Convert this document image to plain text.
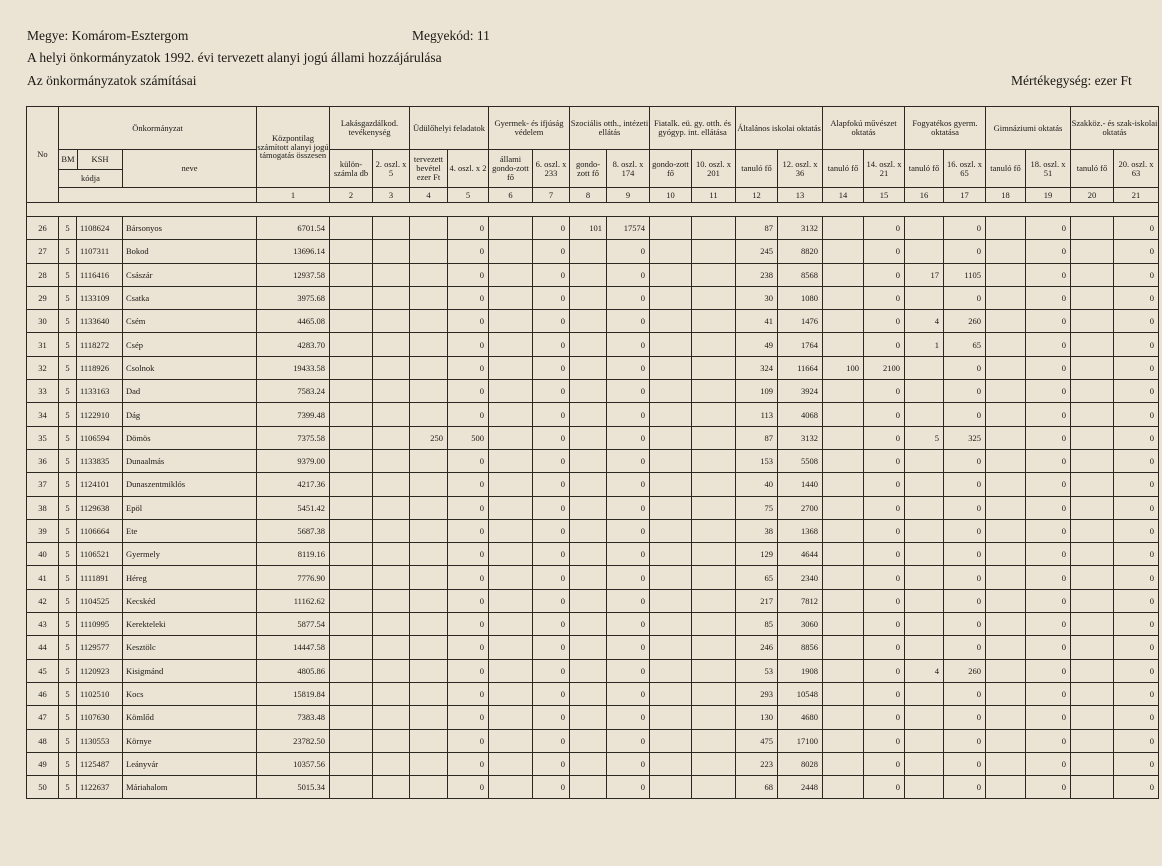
Megye: Komárom-Esztergom	Megyekód: 11
A helyi önkormányzatok 1992. évi tervezett alanyi jogú állami hozzájárulása
Az önkormányzatok számításai	Mértékegység: ezer Ft
No	Önkormányzat			Központilag számított alanyi jogú támogatás összesen	Lakásgazdálkod. tevékenység		Üdülőhelyi feladatok		Gyermek- és ifjúság védelem		Szociális otth., intézeti ellátás		Fiatalk. eü. gy. otth. és gyógyp. int. ellátása		Általános iskolai oktatás		Alapfokú művészet oktatás		Fogyatékos gyerm. oktatása		Gimnáziumi oktatás		Szakköz.- és szak-iskolai oktatás	

BM KSH
kódja		neve		külön-számla db	2. oszl. x 5	tervezett bevétel ezer Ft	4. oszl. x 2	állami gondo-zott fő	6. oszl. x 233	gondo-zott fő	8. oszl. x 174	gondo-zott fő	10. oszl. x 201	tanuló fő	12. oszl. x 36	tanuló fő	14. oszl. x 21	tanuló fő	16. oszl. x 65	tanuló fő	18. oszl. x 51	tanuló fő	20. oszl. x 63
				1	2	3	4	5	6	7	8	9	10	11	12	13	14	15	16	17	18	19	20	21

26	5	1108624	Bársonyos	6701.54				0		0	101	17574			87	3132		0		0		0		0
27	5	1107311	Bokod	13696.14				0		0		0			245	8820		0		0		0		0
28	5	1116416	Császár	12937.58				0		0		0			238	8568		0	17	1105		0		0
29	5	1133109	Csatka	3975.68				0		0		0			30	1080		0		0		0		0
30	5	1133640	Csém	4465.08				0		0		0			41	1476		0	4	260		0		0
31	5	1118272	Csép	4283.70				0		0		0			49	1764		0	1	65		0		0
32	5	1118926	Csolnok	19433.58				0		0		0			324	11664	100	2100		0		0		0
33	5	1133163	Dad	7583.24				0		0		0			109	3924		0		0		0		0
34	5	1122910	Dág	7399.48				0		0		0			113	4068		0		0		0		0
35	5	1106594	Dömös	7375.58			250	500		0		0			87	3132		0	5	325		0		0
36	5	1133835	Dunaalmás	9379.00				0		0		0			153	5508		0		0		0		0
37	5	1124101	Dunaszentmiklós	4217.36				0		0		0			40	1440		0		0		0		0
38	5	1129638	Epöl	5451.42				0		0		0			75	2700		0		0		0		0
39	5	1106664	Ete	5687.38				0		0		0			38	1368		0		0		0		0
40	5	1106521	Gyermely	8119.16				0		0		0			129	4644		0		0		0		0
41	5	1111891	Héreg	7776.90				0		0		0			65	2340		0		0		0		0
42	5	1104525	Kecskéd	11162.62				0		0		0			217	7812		0		0		0		0
43	5	1110995	Kerekteleki	5877.54				0		0		0			85	3060		0		0		0		0
44	5	1129577	Kesztölc	14447.58				0		0		0			246	8856		0		0		0		0
45	5	1120923	Kisigmánd	4805.86				0		0		0			53	1908		0	4	260		0		0
46	5	1102510	Kocs	15819.84				0		0		0			293	10548		0		0		0		0
47	5	1107630	Kömlőd	7383.48				0		0		0			130	4680		0		0		0		0
48	5	1130553	Környe	23782.50				0		0		0			475	17100		0		0		0		0
49	5	1125487	Leányvár	10357.56				0		0		0			223	8028		0		0		0		0
50	5	1122637	Máriahalom	5015.34				0		0		0			68	2448		0		0		0		0
